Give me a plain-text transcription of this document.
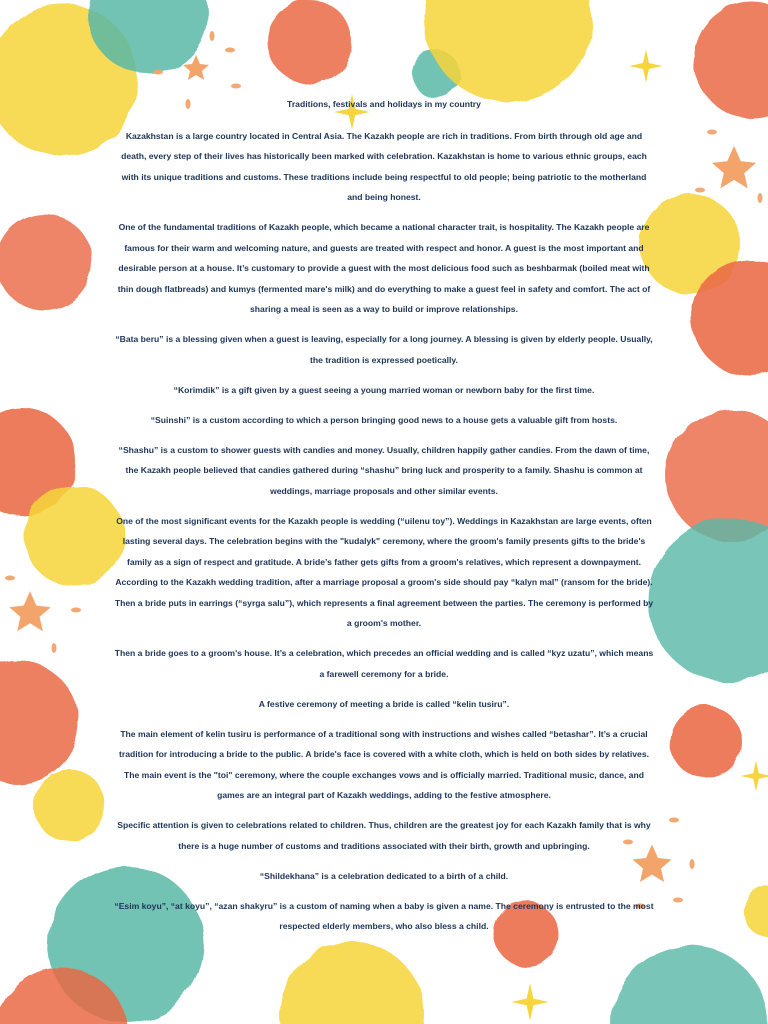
Traditions, festivals and holidays in my country

Kazakhstan is a large country located in Central Asia. The Kazakh people are rich in traditions. From birth through old age and death, every step of their lives has historically been marked with celebration. Kazakhstan is home to various ethnic groups, each with its unique traditions and customs. These traditions include being respectful to old people; being patriotic to the motherland and being honest.

One of the fundamental traditions of Kazakh people, which became a national character trait, is hospitality. The Kazakh people are famous for their warm and welcoming nature, and guests are treated with respect and honor. A guest is the most important and desirable person at a house. It’s customary to provide a guest with the most delicious food such as beshbarmak (boiled meat with thin dough flatbreads) and kumys (fermented mare's milk) and do everything to make a guest feel in safety and comfort. The act of sharing a meal is seen as a way to build or improve relationships.

“Bata beru” is a blessing given when a guest is leaving, especially for a long journey. A blessing is given by elderly people. Usually, the tradition is expressed poetically.

“Korimdik” is a gift given by a guest seeing a young married woman or newborn baby for the first time.

“Suinshi” is a custom according to which a person bringing good news to a house gets a valuable gift from hosts.

“Shashu” is a custom to shower guests with candies and money. Usually, children happily gather candies. From the dawn of time, the Kazakh people believed that candies gathered during “shashu” bring luck and prosperity to a family. Shashu is common at weddings, marriage proposals and other similar events.

One of the most significant events for the Kazakh people is wedding (“uilenu toy”). Weddings in Kazakhstan are large events, often lasting several days. The celebration begins with the "kudalyk" ceremony, where the groom's family presents gifts to the bride's family as a sign of respect and gratitude. A bride’s father gets gifts from a groom's relatives, which represent a downpayment. According to the Kazakh wedding tradition, after a marriage proposal a groom's side should pay “kalyn mal” (ransom for the bride). Then a bride puts in earrings (“syrga salu”), which represents a final agreement between the parties. The ceremony is performed by a groom's mother.

Then a bride goes to a groom's house. It’s a celebration, which precedes an official wedding and is called “kyz uzatu”, which means a farewell ceremony for a bride.

A festive ceremony of meeting a bride is called “kelin tusiru”.

The main element of kelin tusiru is performance of a traditional song with instructions and wishes called “betashar”. It’s a crucial tradition for introducing a bride to the public. A bride's face is covered with a white cloth, which is held on both sides by relatives. The main event is the "toi" ceremony, where the couple exchanges vows and is officially married. Traditional music, dance, and games are an integral part of Kazakh weddings, adding to the festive atmosphere.

Specific attention is given to celebrations related to children. Thus, children are the greatest joy for each Kazakh family that is why there is a huge number of customs and traditions associated with their birth, growth and upbringing.

“Shildekhana” is a celebration dedicated to a birth of a child.

“Esim koyu”, “at koyu”, “azan shakyru” is a custom of naming when a baby is given a name. The ceremony is entrusted to the most respected elderly members, who also bless a child.
